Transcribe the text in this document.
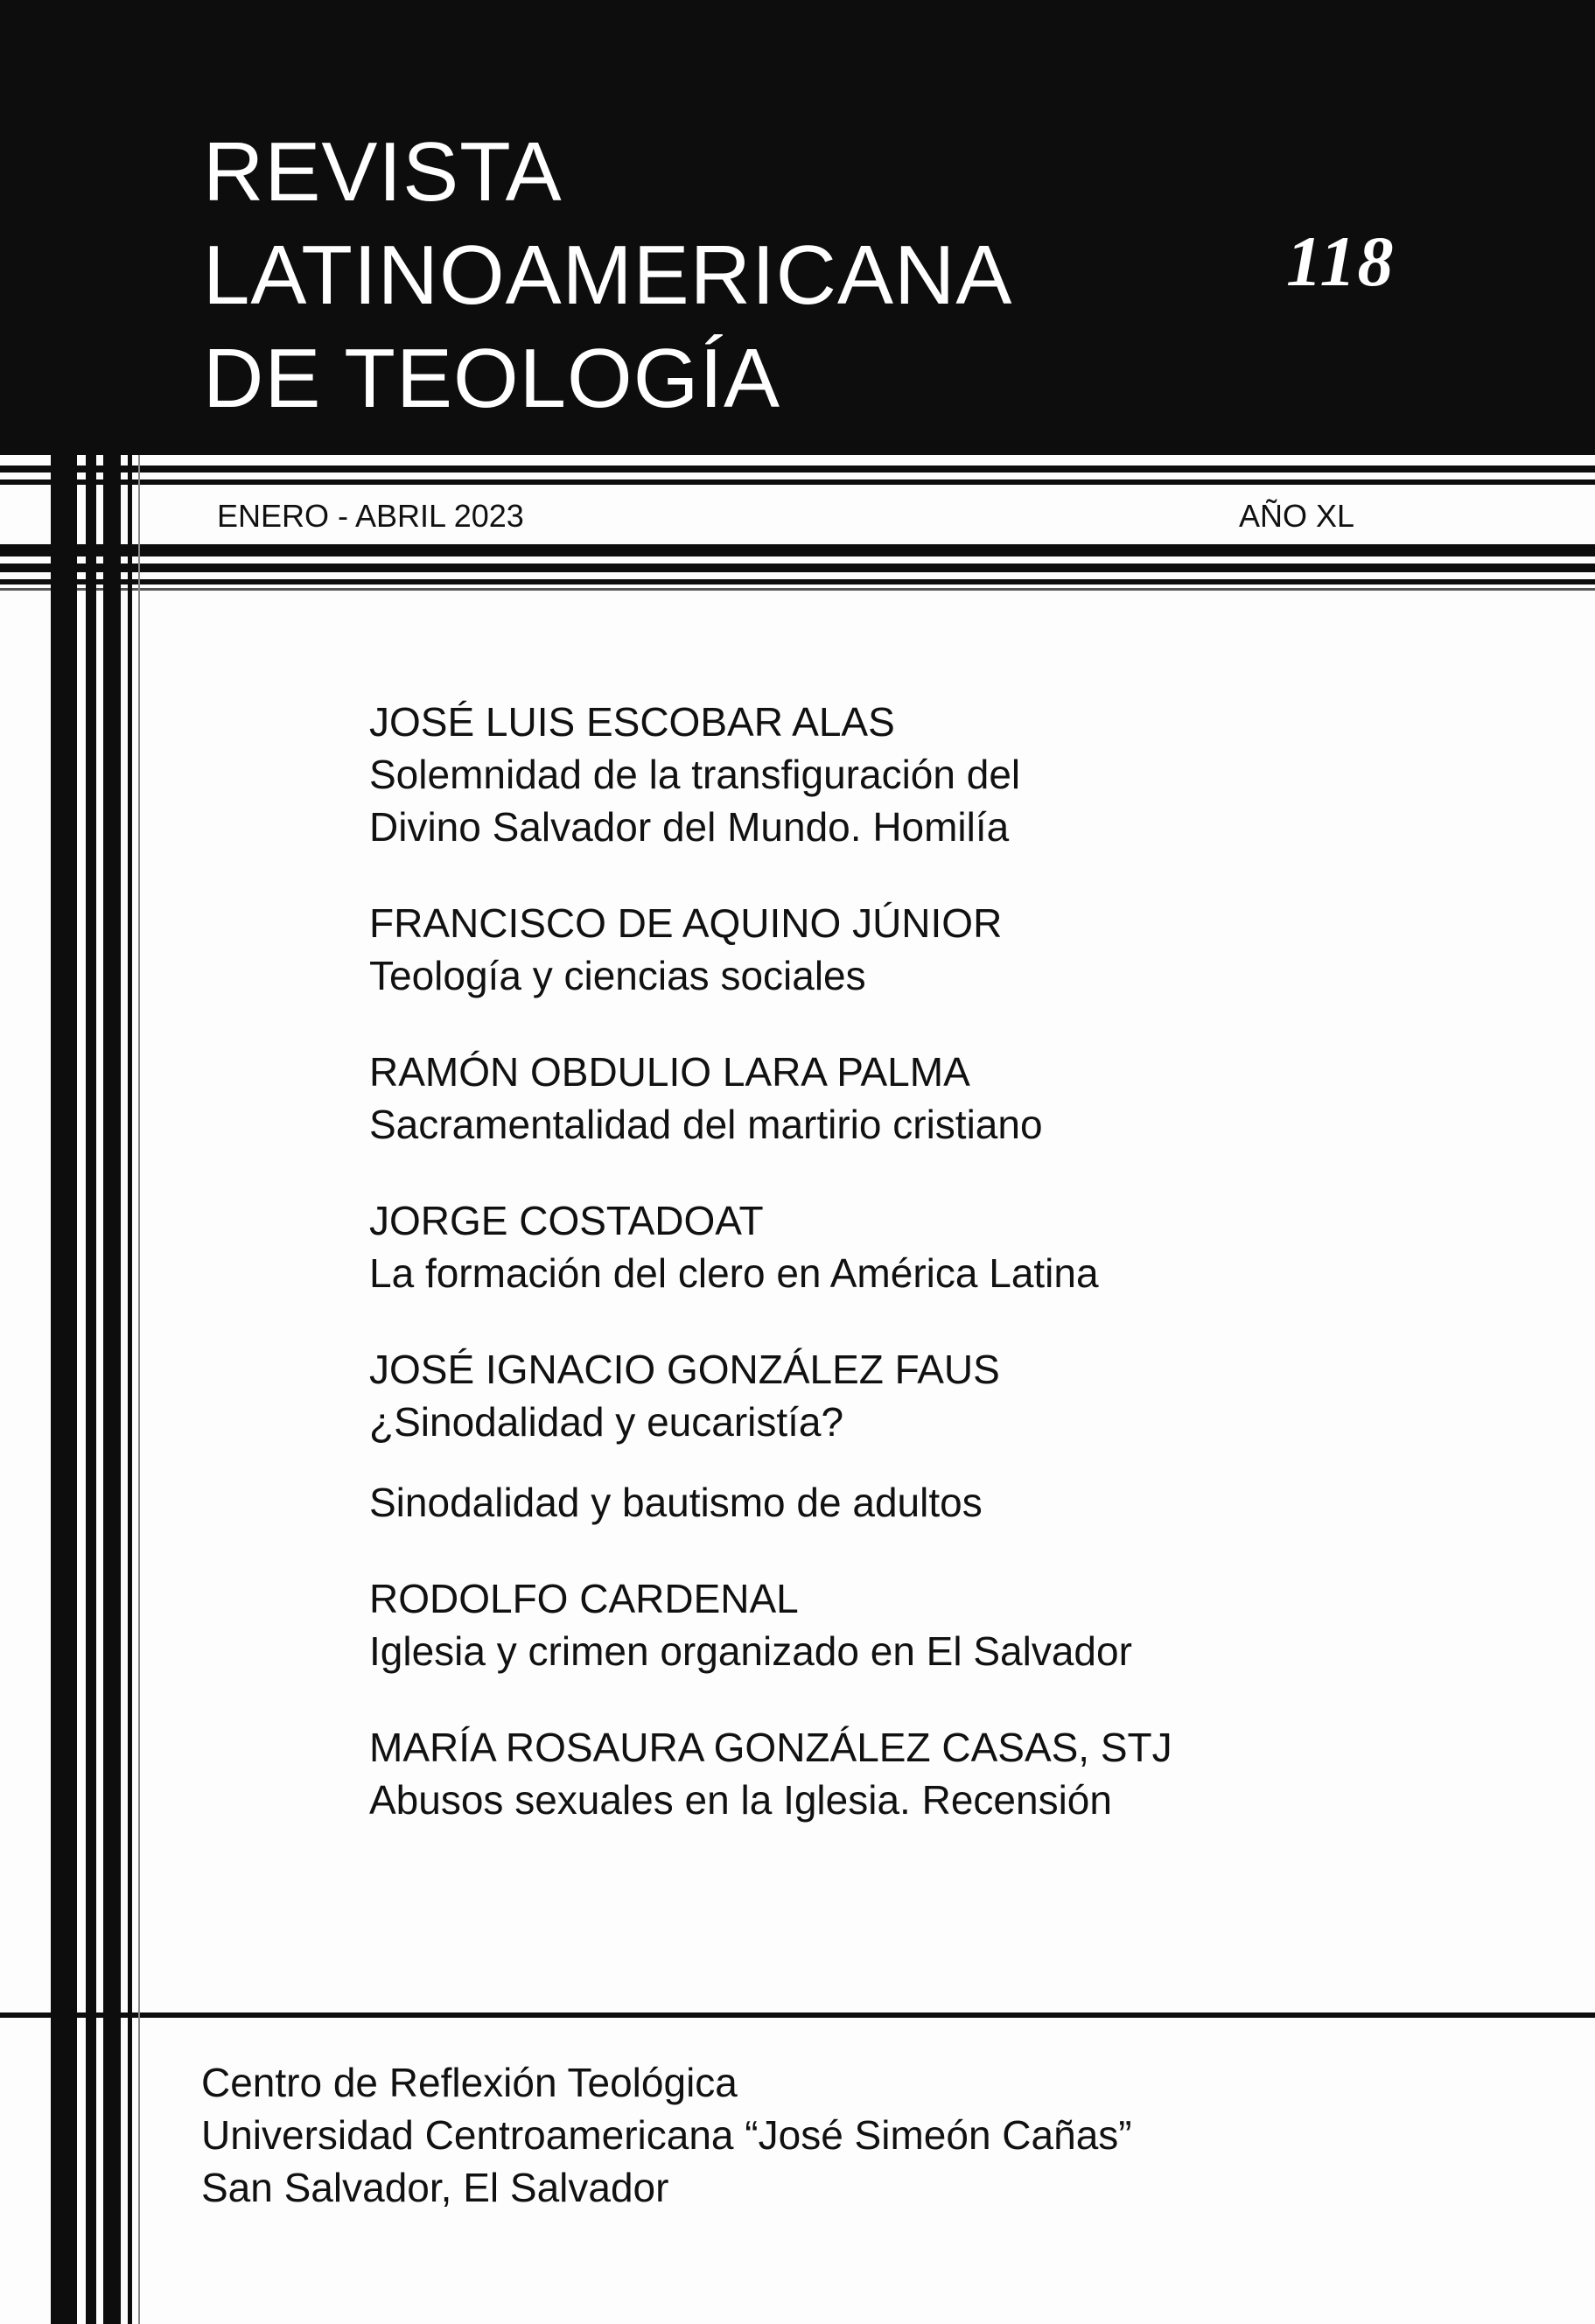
REVISTA
LATINOAMERICANA
DE TEOLOGÍA
118
ENERO - ABRIL 2023	AÑO XL
JOSÉ LUIS ESCOBAR ALAS
Solemnidad de la transfiguración del
Divino Salvador del Mundo. Homilía
FRANCISCO DE AQUINO JÚNIOR
Teología y ciencias sociales
RAMÓN OBDULIO LARA PALMA
Sacramentalidad del martirio cristiano
JORGE COSTADOAT
La formación del clero en América Latina
JOSÉ IGNACIO GONZÁLEZ FAUS
¿Sinodalidad y eucaristía?
Sinodalidad y bautismo de adultos
RODOLFO CARDENAL
Iglesia y crimen organizado en El Salvador
MARÍA ROSAURA GONZÁLEZ CASAS, STJ
Abusos sexuales en la Iglesia. Recensión
Centro de Reflexión Teológica
Universidad Centroamericana “José Simeón Cañas”
San Salvador, El Salvador
